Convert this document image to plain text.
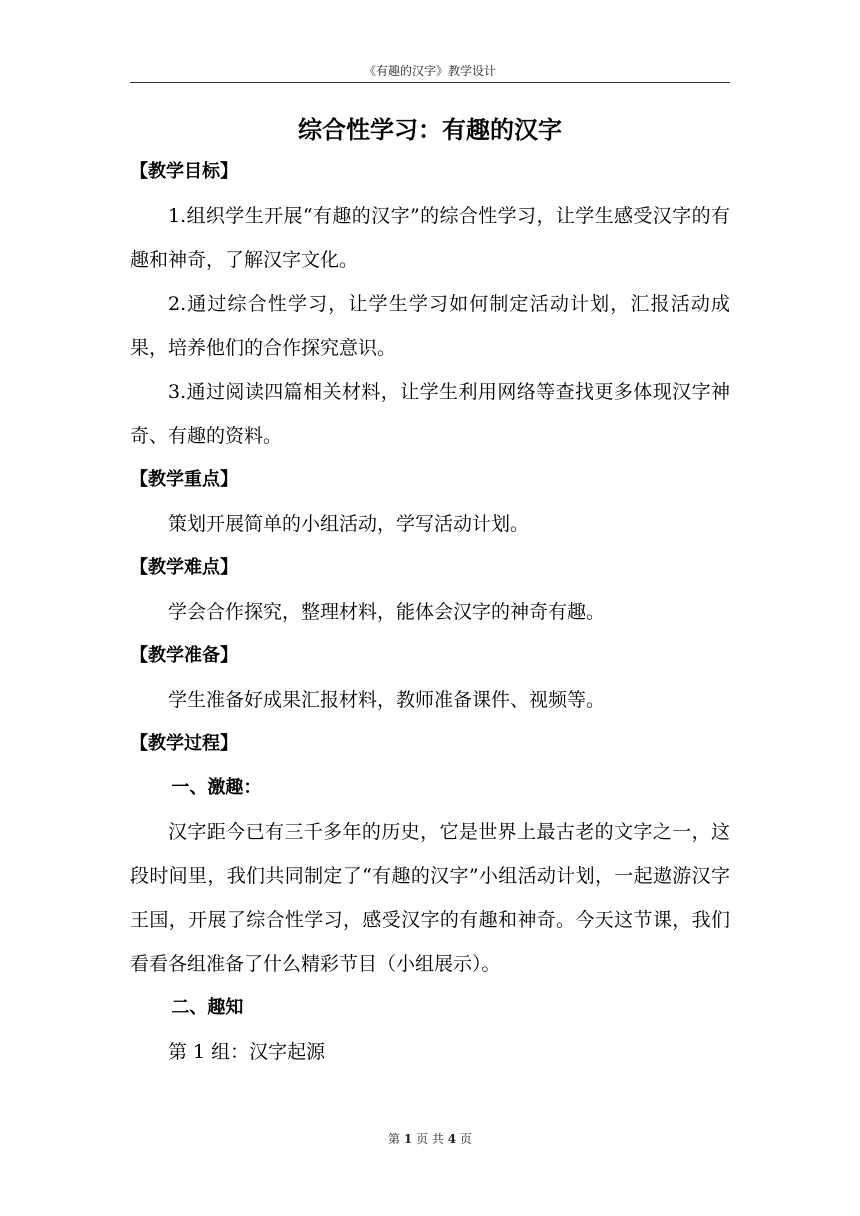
《有趣的汉字》教学设计
综合性学习：有趣的汉字
【教学目标】

1.组织学生开展“有趣的汉字”的综合性学习，让学生感受汉字的有趣和神奇，了解汉字文化。

2.通过综合性学习，让学生学习如何制定活动计划，汇报活动成果，培养他们的合作探究意识。

3.通过阅读四篇相关材料，让学生利用网络等查找更多体现汉字神奇、有趣的资料。

【教学重点】

策划开展简单的小组活动，学写活动计划。

【教学难点】

学会合作探究，整理材料，能体会汉字的神奇有趣。

【教学准备】

学生准备好成果汇报材料，教师准备课件、视频等。

【教学过程】
一、激趣：

汉字距今已有三千多年的历史，它是世界上最古老的文字之一，这段时间里，我们共同制定了“有趣的汉字”小组活动计划，一起遨游汉字王国，开展了综合性学习，感受汉字的有趣和神奇。今天这节课，我们看看各组准备了什么精彩节目（小组展示）。

二、趣知

第 1 组：汉字起源

第 1 页 共 4 页
